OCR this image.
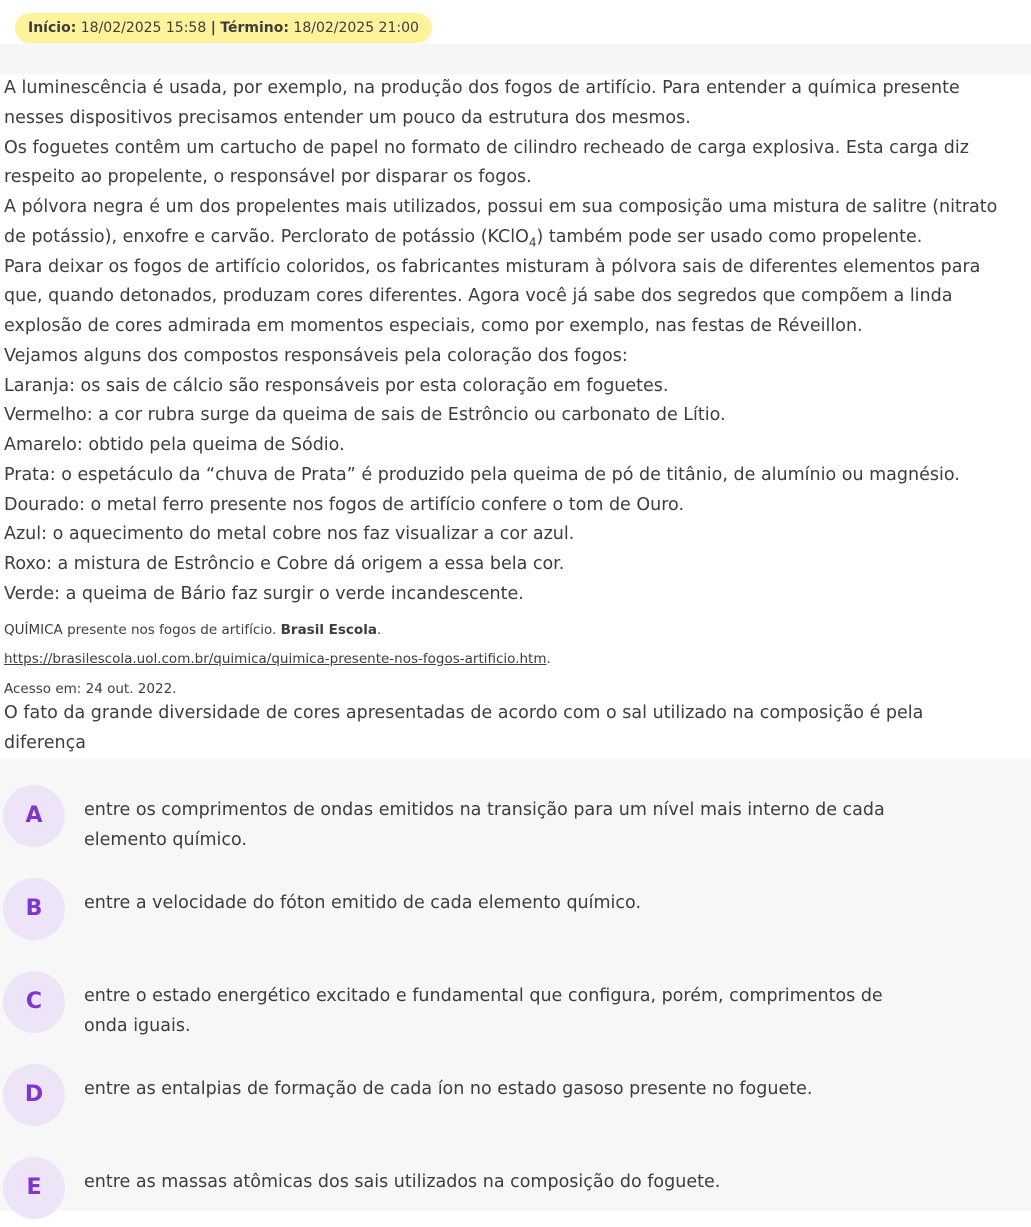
Início: 18/02/2025 15:58 | Término: 18/02/2025 21:00

A luminescência é usada, por exemplo, na produção dos fogos de artifício. Para entender a química presente

nesses dispositivos precisamos entender um pouco da estrutura dos mesmos.

Os foguetes contêm um cartucho de papel no formato de cilindro recheado de carga explosiva. Esta carga diz

respeito ao propelente, o responsável por disparar os fogos.

A pólvora negra é um dos propelentes mais utilizados, possui em sua composição uma mistura de salitre (nitrato

de potássio), enxofre e carvão. Perclorato de potássio (KClO$_4$) também pode ser usado como propelente.

Para deixar os fogos de artifício coloridos, os fabricantes misturam à pólvora sais de diferentes elementos para

que, quando detonados, produzam cores diferentes. Agora você já sabe dos segredos que compõem a linda

explosão de cores admirada em momentos especiais, como por exemplo, nas festas de Réveillon.

Vejamos alguns dos compostos responsáveis pela coloração dos fogos:

Laranja: os sais de cálcio são responsáveis por esta coloração em foguetes.

Vermelho: a cor rubra surge da queima de sais de Estrôncio ou carbonato de Lítio.

Amarelo: obtido pela queima de Sódio.

Prata: o espetáculo da “chuva de Prata” é produzido pela queima de pó de titânio, de alumínio ou magnésio.

Dourado: o metal ferro presente nos fogos de artifício confere o tom de Ouro.

Azul: o aquecimento do metal cobre nos faz visualizar a cor azul.

Roxo: a mistura de Estrôncio e Cobre dá origem a essa bela cor.

Verde: a queima de Bário faz surgir o verde incandescente.

QUÍMICA presente nos fogos de artifício. Brasil Escola.
https://brasilescola.uol.com.br/quimica/quimica-presente-nos-fogos-artificio.htm.
Acesso em: 24 out. 2022.

O fato da grande diversidade de cores apresentadas de acordo com o sal utilizado na composição é pela

diferença

A	entre os comprimentos de ondas emitidos na transição para um nível mais interno de cada
elemento químico.
B	entre a velocidade do fóton emitido de cada elemento químico.
C	entre o estado energético excitado e fundamental que configura, porém, comprimentos de
onda iguais.
D	entre as entalpias de formação de cada íon no estado gasoso presente no foguete.
E	entre as massas atômicas dos sais utilizados na composição do foguete.
